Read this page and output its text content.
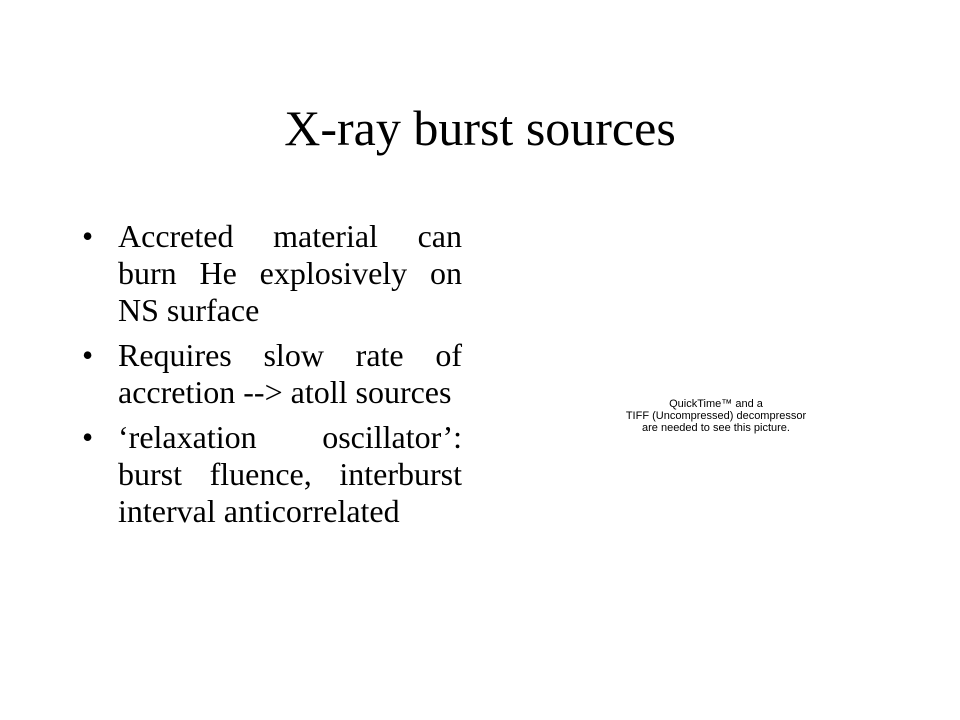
X-ray burst sources
• Accreted material can burn He explosively on NS surface
• Requires slow rate of accretion --> atoll sources
• ‘relaxation oscillator’: burst fluence, interburst interval anticorrelated
QuickTime™ and a
TIFF (Uncompressed) decompressor
are needed to see this picture.
